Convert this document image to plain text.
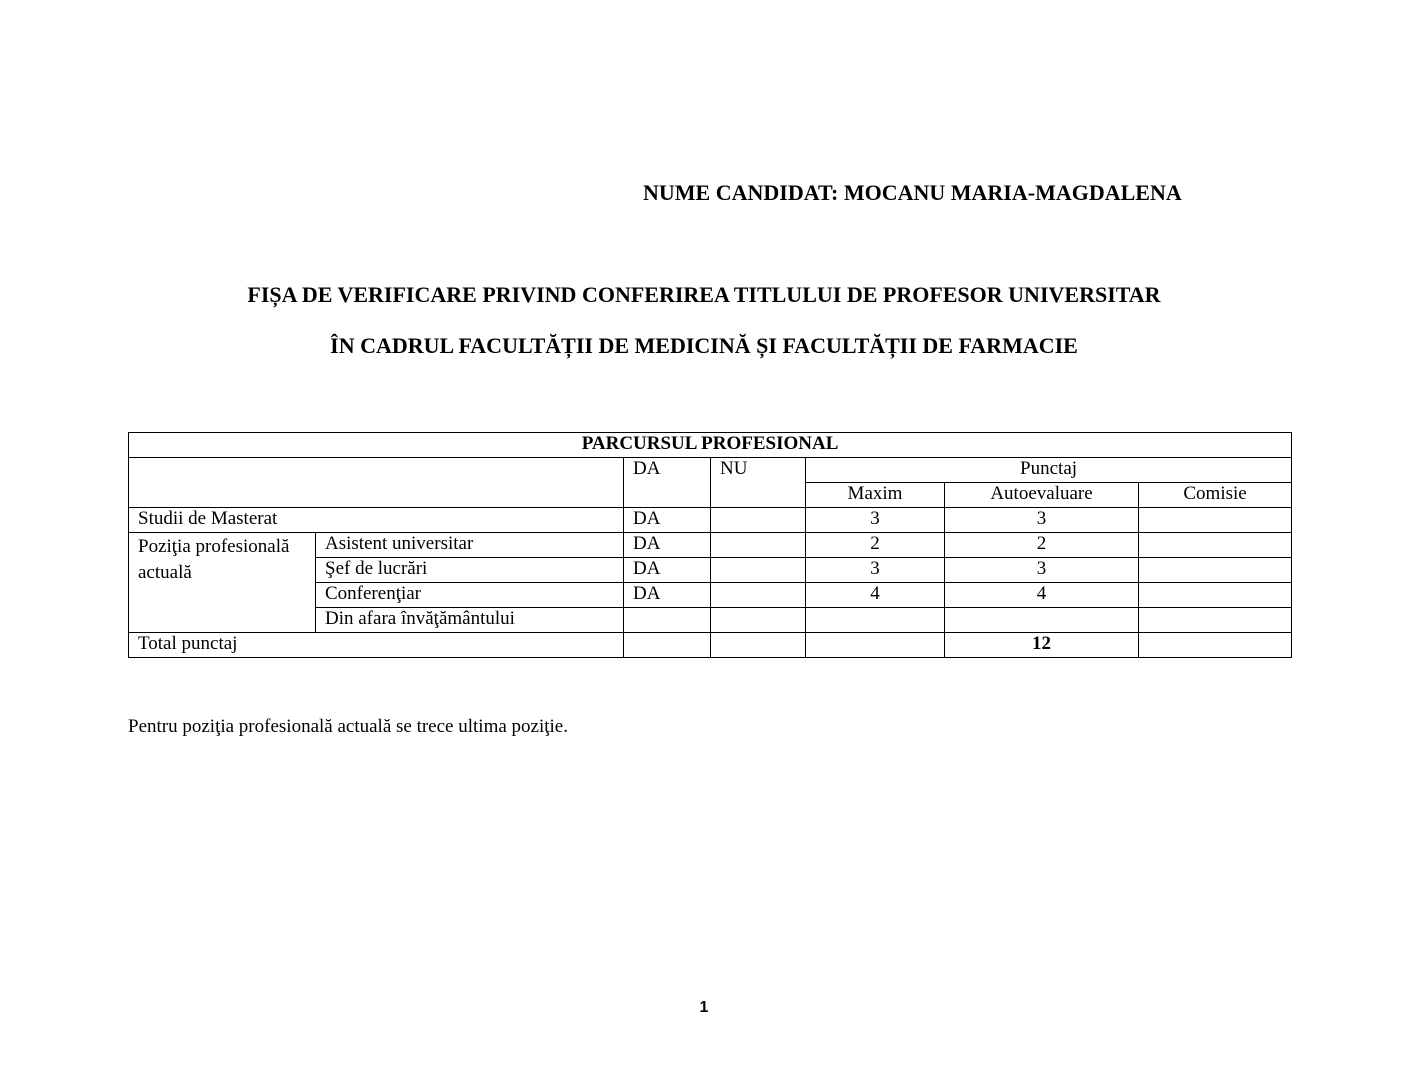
NUME CANDIDAT: MOCANU MARIA-MAGDALENA
FIȘA DE VERIFICARE PRIVIND CONFERIREA TITLULUI DE PROFESOR UNIVERSITAR
ÎN CADRUL FACULTĂȚII DE MEDICINĂ ȘI FACULTĂȚII DE FARMACIE
PARCURSUL PROFESIONAL						
		DA	NU	Punctaj		
				Maxim	Autoevaluare	Comisie
Studii de Masterat		DA		3	3	
Poziţia profesională actuală	Asistent universitar	DA		2	2	
	Şef de lucrări	DA		3	3	
	Conferenţiar	DA		4	4	
	Din afara învăţământului					
Total punctaj					12	
Pentru poziţia profesională actuală se trece ultima poziţie.
1
